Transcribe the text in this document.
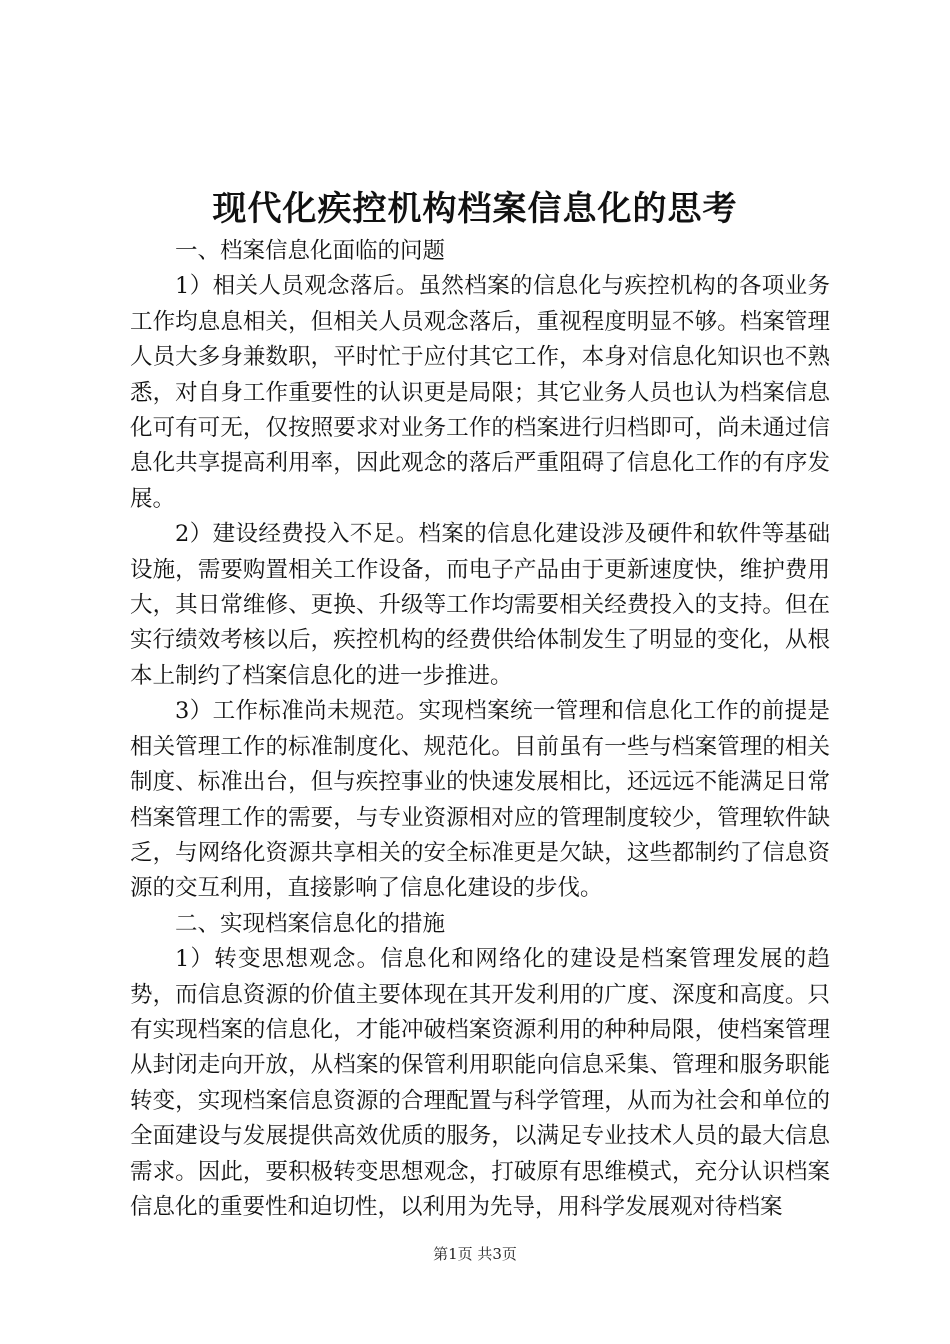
现代化疾控机构档案信息化的思考

一、档案信息化面临的问题

1）相关人员观念落后。虽然档案的信息化与疾控机构的各项业务工作均息息相关，但相关人员观念落后，重视程度明显不够。档案管理人员大多身兼数职，平时忙于应付其它工作，本身对信息化知识也不熟悉，对自身工作重要性的认识更是局限；其它业务人员也认为档案信息化可有可无，仅按照要求对业务工作的档案进行归档即可，尚未通过信息化共享提高利用率，因此观念的落后严重阻碍了信息化工作的有序发展。

2）建设经费投入不足。档案的信息化建设涉及硬件和软件等基础设施，需要购置相关工作设备，而电子产品由于更新速度快，维护费用大，其日常维修、更换、升级等工作均需要相关经费投入的支持。但在实行绩效考核以后，疾控机构的经费供给体制发生了明显的变化，从根本上制约了档案信息化的进一步推进。

3）工作标准尚未规范。实现档案统一管理和信息化工作的前提是相关管理工作的标准制度化、规范化。目前虽有一些与档案管理的相关制度、标准出台，但与疾控事业的快速发展相比，还远远不能满足日常档案管理工作的需要，与专业资源相对应的管理制度较少，管理软件缺乏，与网络化资源共享相关的安全标准更是欠缺，这些都制约了信息资源的交互利用，直接影响了信息化建设的步伐。

二、实现档案信息化的措施

1）转变思想观念。信息化和网络化的建设是档案管理发展的趋势，而信息资源的价值主要体现在其开发利用的广度、深度和高度。只有实现档案的信息化，才能冲破档案资源利用的种种局限，使档案管理从封闭走向开放，从档案的保管利用职能向信息采集、管理和服务职能转变，实现档案信息资源的合理配置与科学管理，从而为社会和单位的全面建设与发展提供高效优质的服务，以满足专业技术人员的最大信息需求。因此，要积极转变思想观念，打破原有思维模式，充分认识档案信息化的重要性和迫切性，以利用为先导，用科学发展观对待档案

第1页 共3页
